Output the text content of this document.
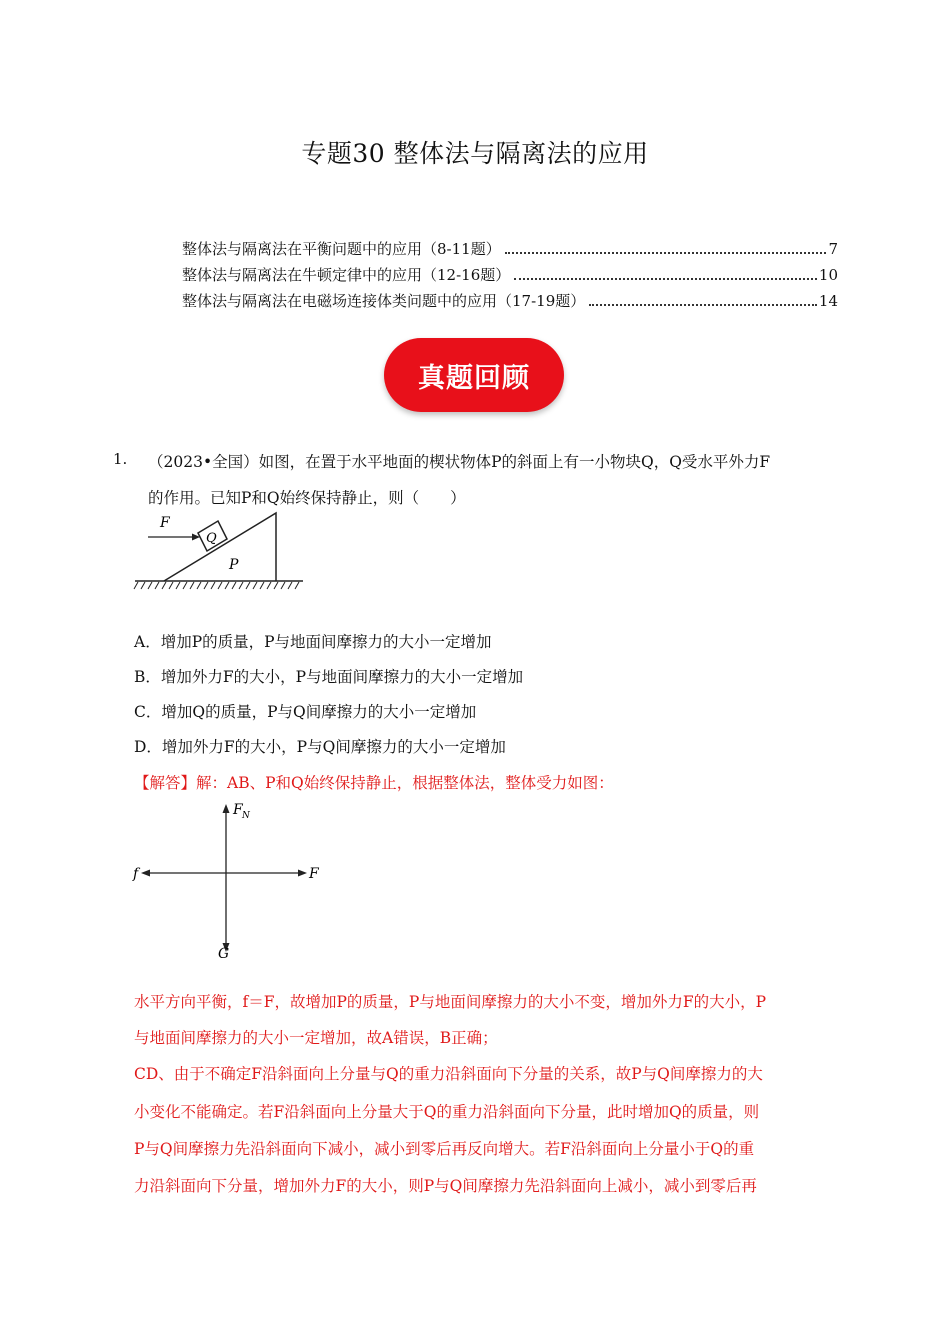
专题30 整体法与隔离法的应用
整体法与隔离法在平衡问题中的应用（8-11题）	7
整体法与隔离法在牛顿定律中的应用（12-16题）	10
整体法与隔离法在电磁场连接体类问题中的应用（17-19题）	14
真题回顾
1. （2023•全国）如图，在置于水平地面的楔状物体P的斜面上有一小物块Q，Q受水平外力F
的作用。已知P和Q始终保持静止，则（　　）
Q
P
F
A．增加P的质量，P与地面间摩擦力的大小一定增加
B．增加外力F的大小，P与地面间摩擦力的大小一定增加
C．增加Q的质量，P与Q间摩擦力的大小一定增加
D．增加外力F的大小，P与Q间摩擦力的大小一定增加
【解答】解：AB、P和Q始终保持静止，根据整体法，整体受力如图：
F N
f	F
G
水平方向平衡，f＝F，故增加P的质量，P与地面间摩擦力的大小不变，增加外力F的大小，P
与地面间摩擦力的大小一定增加，故A错误，B正确；
CD、由于不确定F沿斜面向上分量与Q的重力沿斜面向下分量的关系，故P与Q间摩擦力的大
小变化不能确定。若F沿斜面向上分量大于Q的重力沿斜面向下分量，此时增加Q的质量，则
P与Q间摩擦力先沿斜面向下减小，减小到零后再反向增大。若F沿斜面向上分量小于Q的重
力沿斜面向下分量，增加外力F的大小，则P与Q间摩擦力先沿斜面向上减小，减小到零后再
